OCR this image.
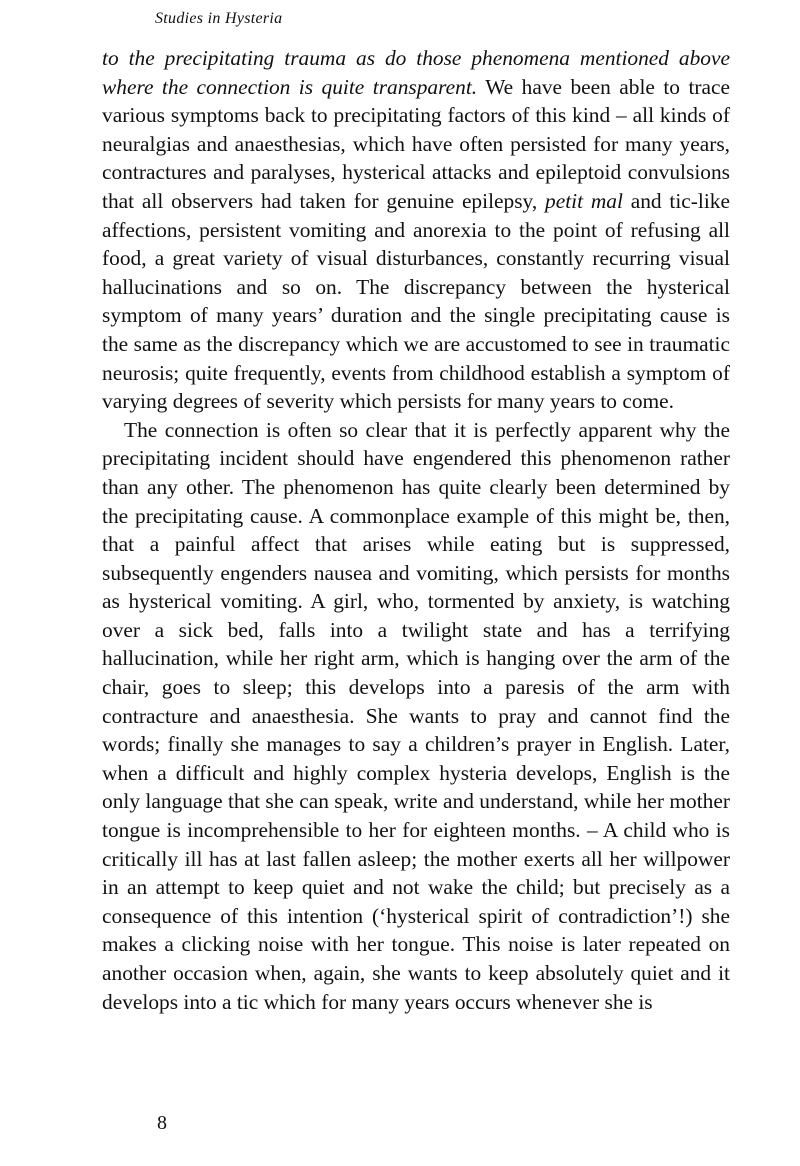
Studies in Hysteria

to the precipitating trauma as do those phenomena mentioned above where the connection is quite transparent. We have been able to trace various symptoms back to precipitating factors of this kind – all kinds of neuralgias and anaesthesias, which have often persisted for many years, contractures and paralyses, hysterical attacks and epileptoid convulsions that all observers had taken for genuine epilepsy, petit mal and tic-like affections, persistent vomiting and anorexia to the point of refusing all food, a great variety of visual disturbances, constantly recurring visual hallucinations and so on. The discrepancy between the hysterical symptom of many years’ duration and the single precipitating cause is the same as the discrepancy which we are accustomed to see in traumatic neurosis; quite frequently, events from childhood establish a symptom of varying degrees of severity which persists for many years to come.

The connection is often so clear that it is perfectly apparent why the precipitating incident should have engendered this phenomenon rather than any other. The phenomenon has quite clearly been determined by the precipitating cause. A commonplace example of this might be, then, that a painful affect that arises while eating but is suppressed, subsequently engenders nausea and vomiting, which persists for months as hysterical vomiting. A girl, who, tormented by anxiety, is watching over a sick bed, falls into a twilight state and has a terrifying hallucination, while her right arm, which is hanging over the arm of the chair, goes to sleep; this develops into a paresis of the arm with contracture and anaesthesia. She wants to pray and cannot find the words; finally she manages to say a children’s prayer in English. Later, when a difficult and highly complex hysteria develops, English is the only language that she can speak, write and understand, while her mother tongue is incomprehensible to her for eighteen months. – A child who is critically ill has at last fallen asleep; the mother exerts all her willpower in an attempt to keep quiet and not wake the child; but precisely as a consequence of this intention (‘hysterical spirit of contradiction’!) she makes a clicking noise with her tongue. This noise is later repeated on another occasion when, again, she wants to keep absolutely quiet and it develops into a tic which for many years occurs whenever she is

8
